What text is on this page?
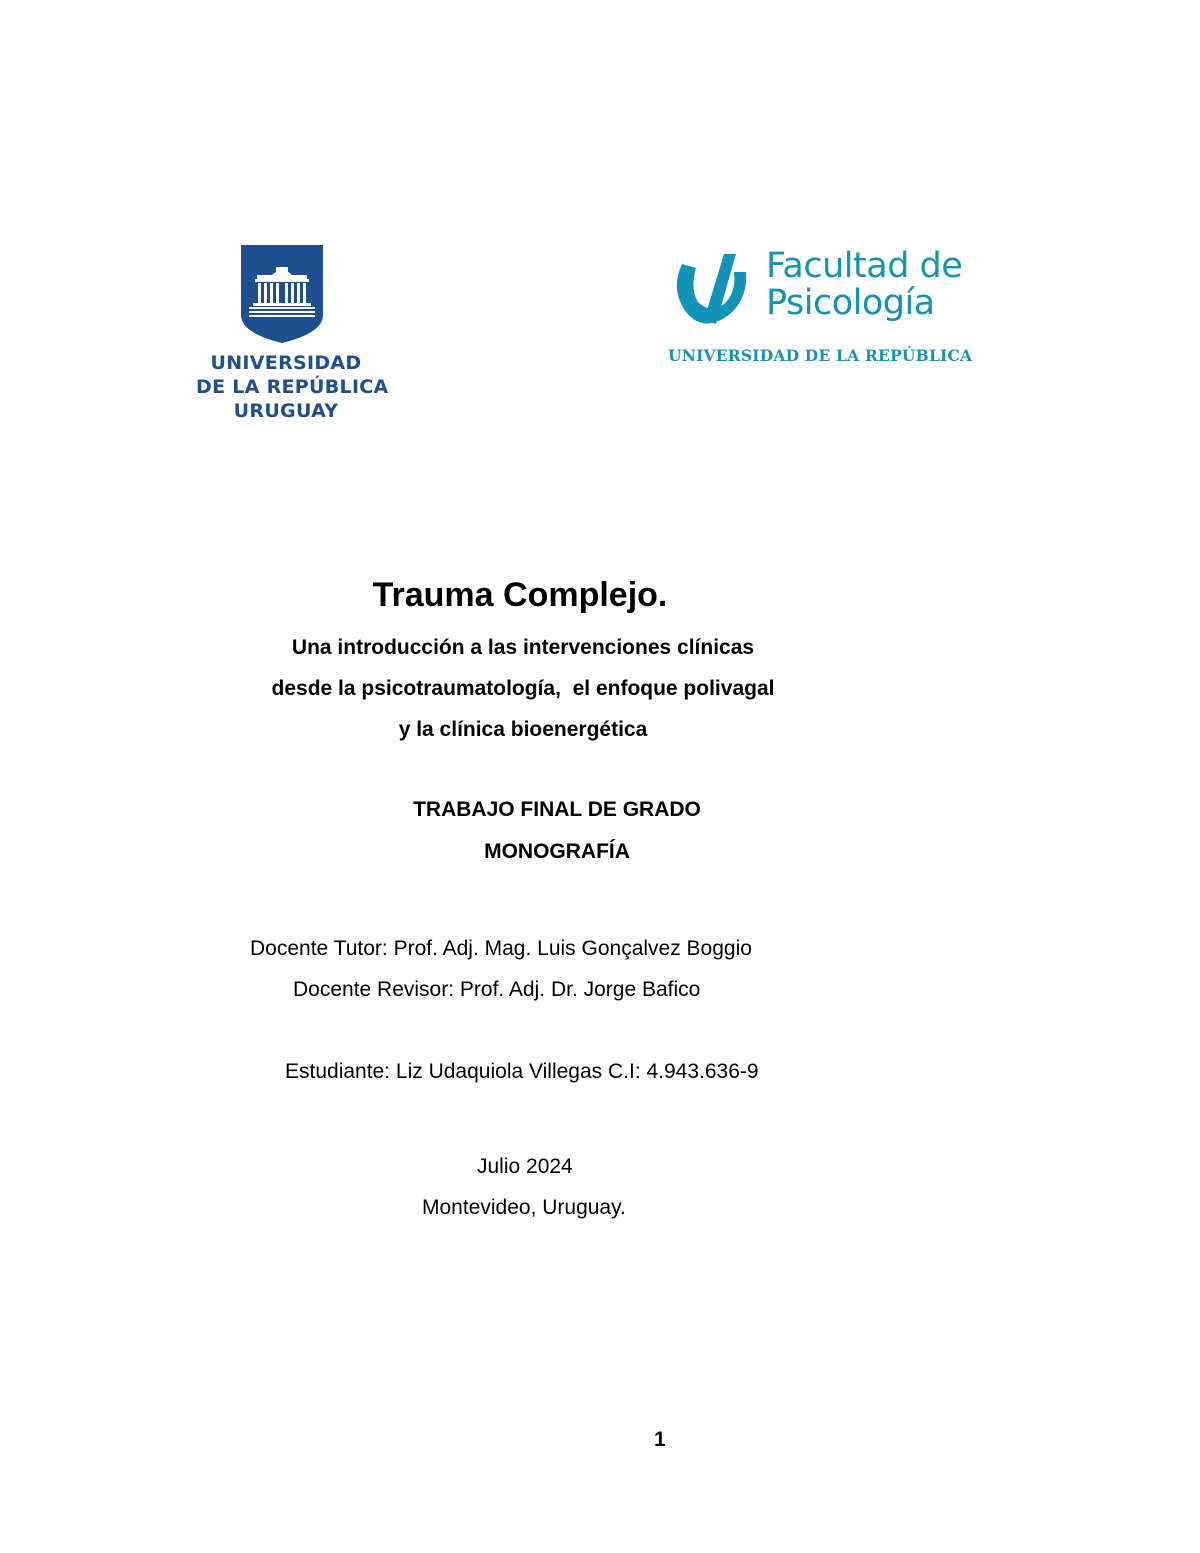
UNIVERSIDAD
DE LA REPÚBLICA
URUGUAY
Facultad de
Psicología
UNIVERSIDAD DE LA REPÚBLICA
Trauma Complejo.
Una introducción a las intervenciones clínicas
desde la psicotraumatología,  el enfoque polivagal
y la clínica bioenergética
TRABAJO FINAL DE GRADO
MONOGRAFÍA
Docente Tutor: Prof. Adj. Mag. Luis Gonçalvez Boggio
Docente Revisor: Prof. Adj. Dr. Jorge Bafico
Estudiante: Liz Udaquiola Villegas C.I: 4.943.636-9
Julio 2024
Montevideo, Uruguay.
1
